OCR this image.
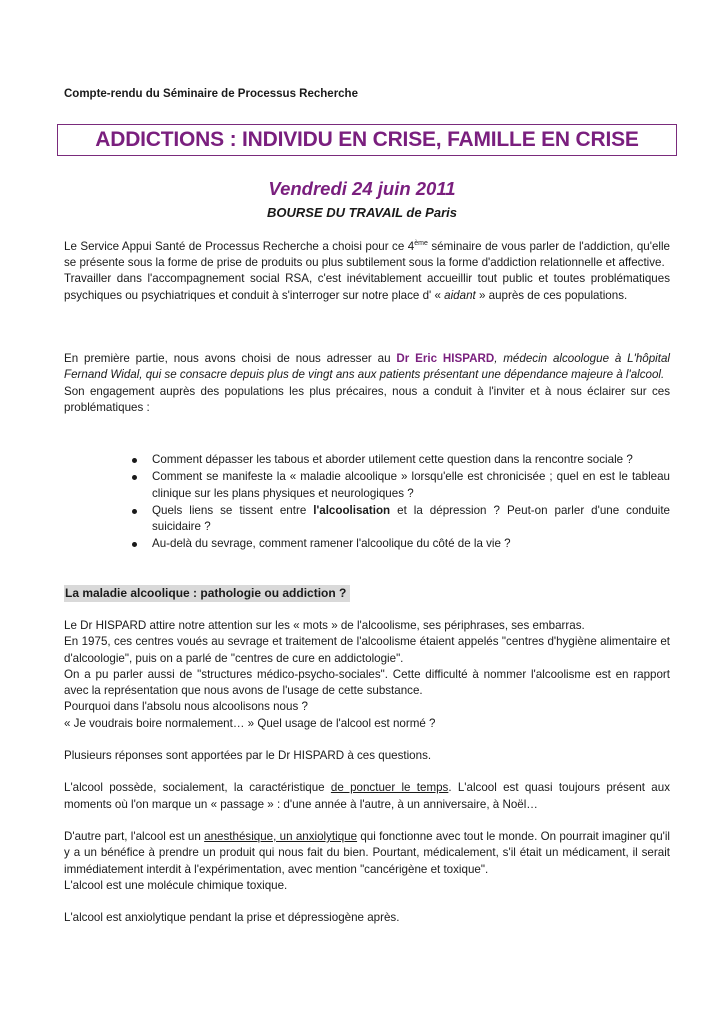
Compte-rendu du Séminaire de Processus Recherche
ADDICTIONS : INDIVIDU EN CRISE, FAMILLE EN CRISE
Vendredi 24 juin 2011
BOURSE DU TRAVAIL de Paris

Le Service Appui Santé de Processus Recherche a choisi pour ce 4ème séminaire de vous parler de l'addiction, qu'elle se présente sous la forme de prise de produits ou plus subtilement sous la forme d'addiction relationnelle et affective.

Travailler dans l'accompagnement social RSA, c'est inévitablement accueillir tout public et toutes problématiques psychiques ou psychiatriques et conduit à s'interroger sur notre place d' « aidant » auprès de ces populations.

En première partie, nous avons choisi de nous adresser au Dr Eric HISPARD, médecin alcoologue à L'hôpital Fernand Widal, qui se consacre depuis plus de vingt ans aux patients présentant une dépendance majeure à l'alcool.

Son engagement auprès des populations les plus précaires, nous a conduit à l'inviter et à nous éclairer sur ces problématiques :

Comment dépasser les tabous et aborder utilement cette question dans la rencontre sociale ?
Comment se manifeste la « maladie alcoolique » lorsqu'elle est chronicisée ; quel en est le tableau clinique sur les plans physiques et neurologiques ?
Quels liens se tissent entre l'alcoolisation et la dépression ? Peut-on parler d'une conduite suicidaire ?
Au-delà du sevrage, comment ramener l'alcoolique du côté de la vie ?
La maladie alcoolique : pathologie ou addiction ?

Le Dr HISPARD attire notre attention sur les « mots » de l'alcoolisme, ses périphrases, ses embarras.

En 1975, ces centres voués au sevrage et traitement de l'alcoolisme étaient appelés "centres d'hygiène alimentaire et d'alcoologie", puis on a parlé de "centres de cure en addictologie".

On a pu parler aussi de "structures médico-psycho-sociales". Cette difficulté à nommer l'alcoolisme est en rapport avec la représentation que nous avons de l'usage de cette substance.

Pourquoi dans l'absolu nous alcoolisons nous ?

« Je voudrais boire normalement… » Quel usage de l'alcool est normé ?

Plusieurs réponses sont apportées par le Dr HISPARD à ces questions.

L'alcool possède, socialement, la caractéristique de ponctuer le temps. L'alcool est quasi toujours présent aux moments où l'on marque un « passage » : d'une année à l'autre, à un anniversaire, à Noël…

D'autre part, l'alcool est un anesthésique, un anxiolytique qui fonctionne avec tout le monde. On pourrait imaginer qu'il y a un bénéfice à prendre un produit qui nous fait du bien. Pourtant, médicalement, s'il était un médicament, il serait immédiatement interdit à l'expérimentation, avec mention "cancérigène et toxique".

L'alcool est une molécule chimique toxique.

L'alcool est anxiolytique pendant la prise et dépressiogène après.
